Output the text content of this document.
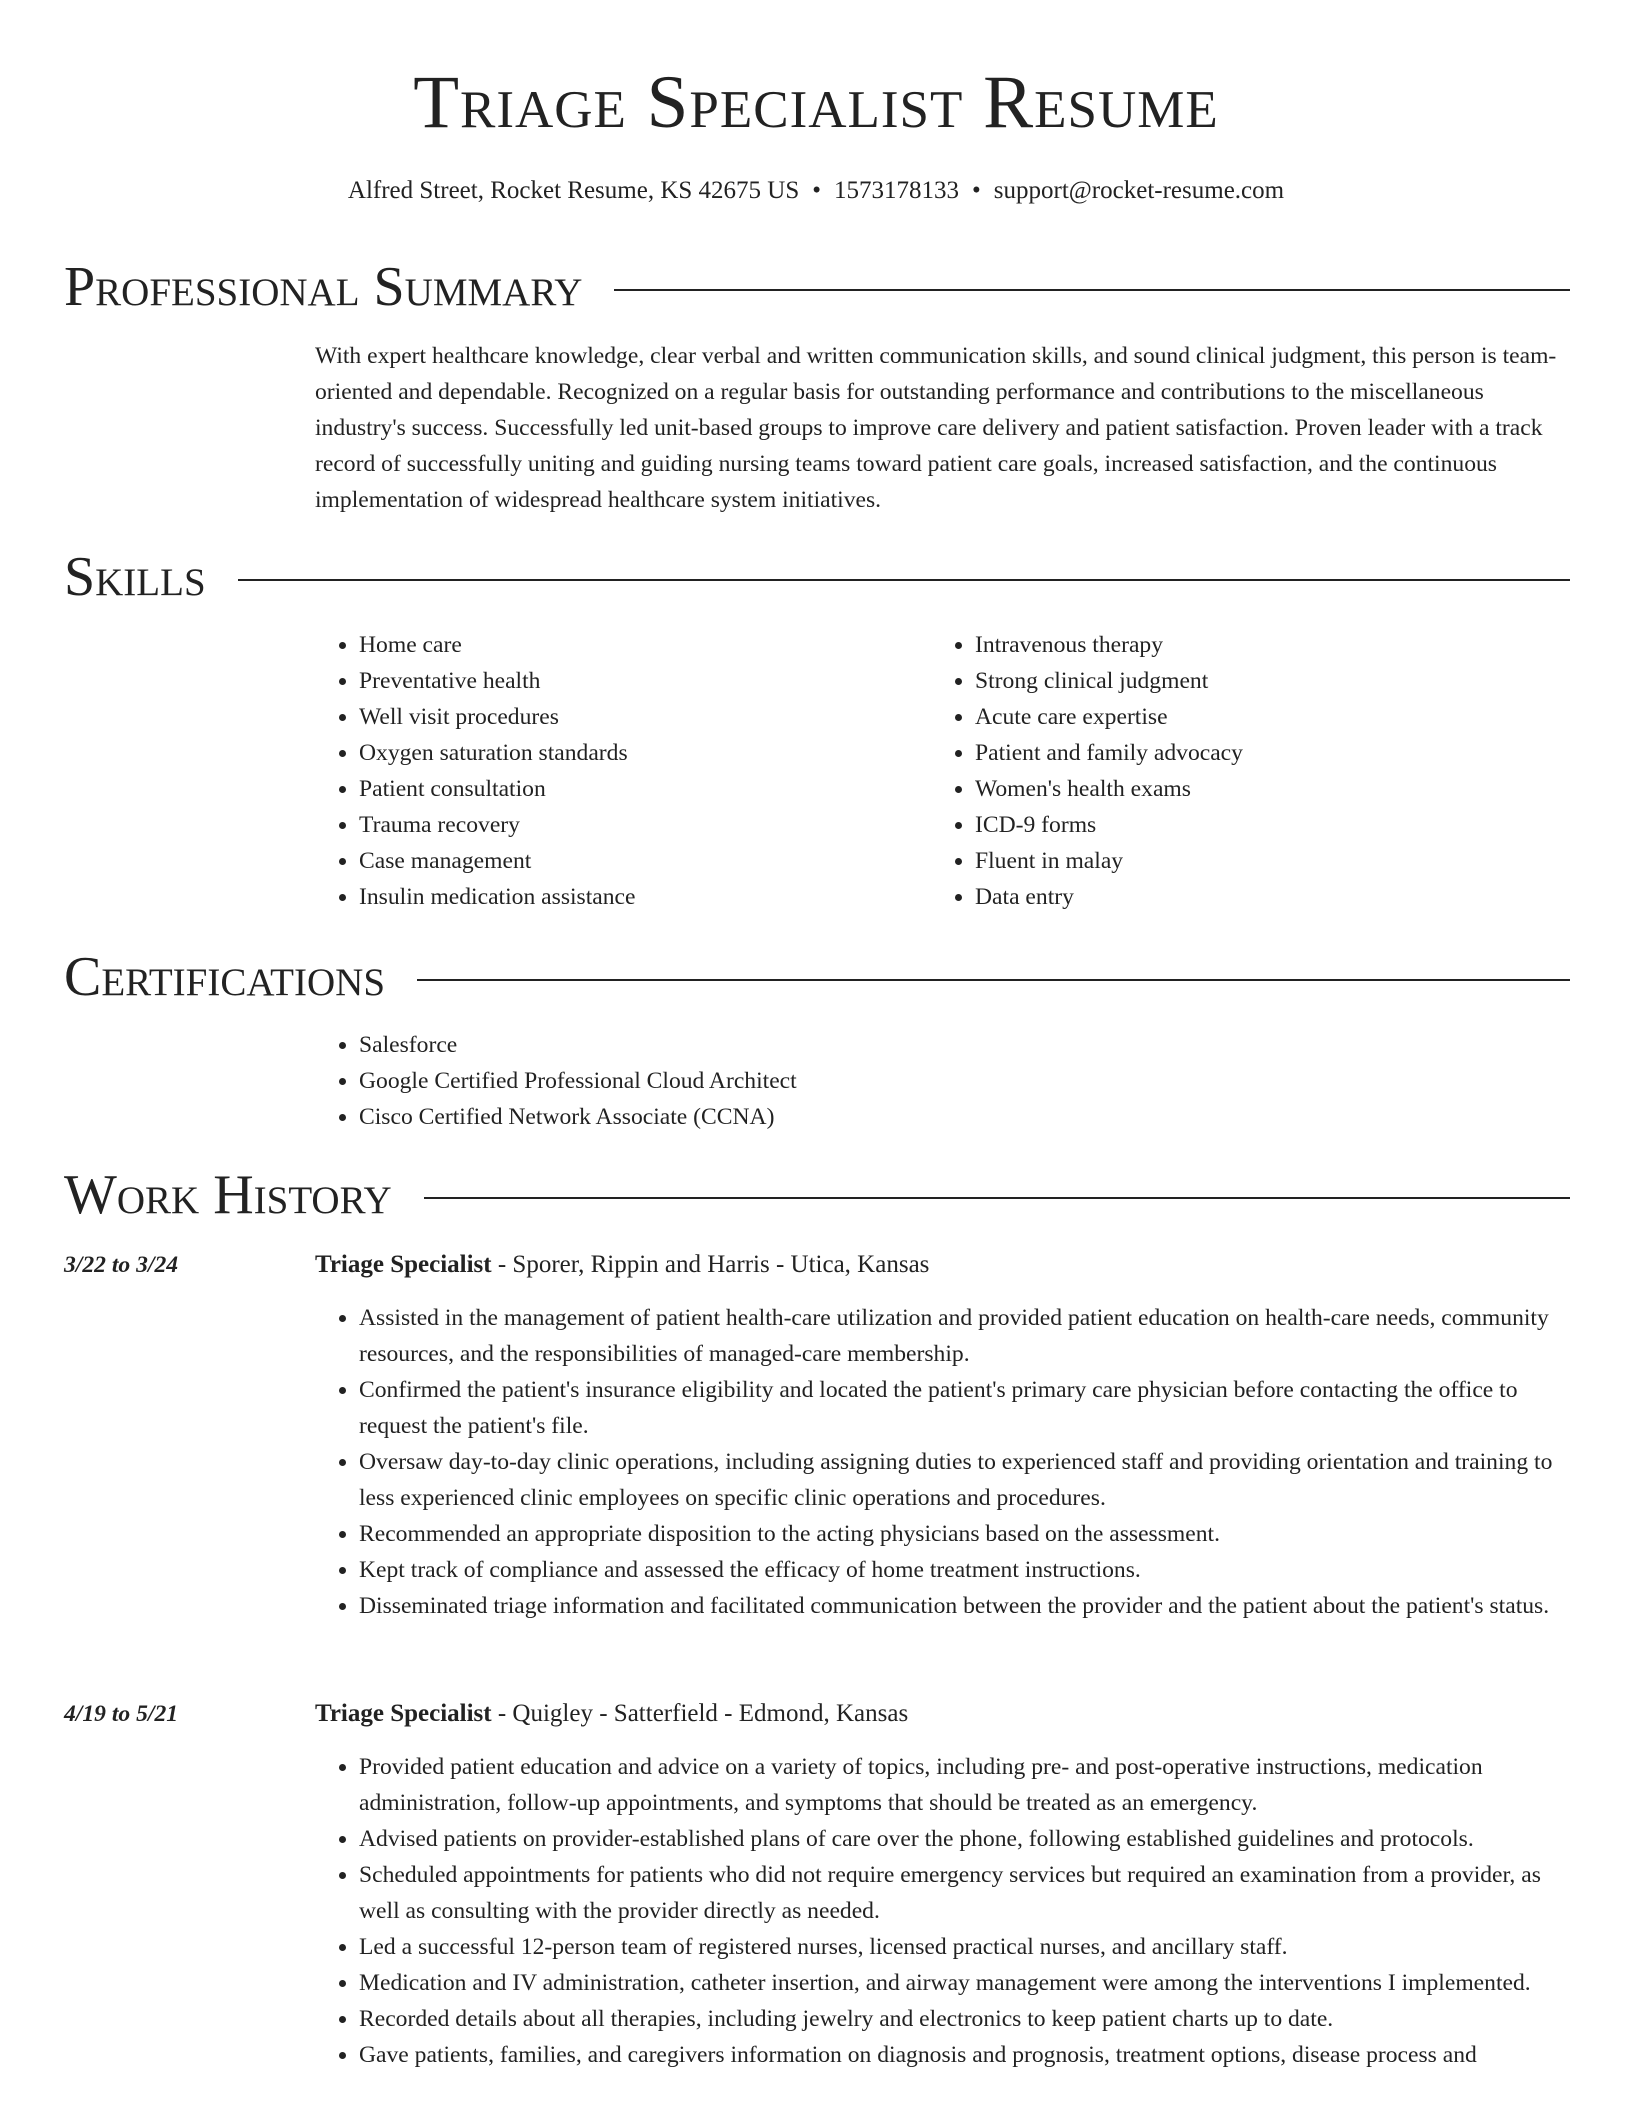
Triage Specialist Resume
Alfred Street, Rocket Resume, KS 42675 US • 1573178133 • support@rocket-resume.com
Professional Summary

With expert healthcare knowledge, clear verbal and written communication skills, and sound clinical judgment, this person is team-oriented and dependable. Recognized on a regular basis for outstanding performance and contributions to the miscellaneous industry's success. Successfully led unit-based groups to improve care delivery and patient satisfaction. Proven leader with a track record of successfully uniting and guiding nursing teams toward patient care goals, increased satisfaction, and the continuous implementation of widespread healthcare system initiatives.

Skills
• Home care
• Preventative health
• Well visit procedures
• Oxygen saturation standards
• Patient consultation
• Trauma recovery
• Case management
• Insulin medication assistance
• Intravenous therapy
• Strong clinical judgment
• Acute care expertise
• Patient and family advocacy
• Women's health exams
• ICD-9 forms
• Fluent in malay
• Data entry
Certifications
• Salesforce
• Google Certified Professional Cloud Architect
• Cisco Certified Network Associate (CCNA)
Work History
3/22 to 3/24	Triage Specialist - Sporer, Rippin and Harris - Utica, Kansas
• Assisted in the management of patient health-care utilization and provided patient education on health-care needs, community resources, and the responsibilities of managed-care membership.
• Confirmed the patient's insurance eligibility and located the patient's primary care physician before contacting the office to request the patient's file.
• Oversaw day-to-day clinic operations, including assigning duties to experienced staff and providing orientation and training to less experienced clinic employees on specific clinic operations and procedures.
• Recommended an appropriate disposition to the acting physicians based on the assessment.
• Kept track of compliance and assessed the efficacy of home treatment instructions.
• Disseminated triage information and facilitated communication between the provider and the patient about the patient's status.
4/19 to 5/21	Triage Specialist - Quigley - Satterfield - Edmond, Kansas
• Provided patient education and advice on a variety of topics, including pre- and post-operative instructions, medication administration, follow-up appointments, and symptoms that should be treated as an emergency.
• Advised patients on provider-established plans of care over the phone, following established guidelines and protocols.
• Scheduled appointments for patients who did not require emergency services but required an examination from a provider, as well as consulting with the provider directly as needed.
• Led a successful 12-person team of registered nurses, licensed practical nurses, and ancillary staff.
• Medication and IV administration, catheter insertion, and airway management were among the interventions I implemented.
• Recorded details about all therapies, including jewelry and electronics to keep patient charts up to date.
• Gave patients, families, and caregivers information on diagnosis and prognosis, treatment options, disease process and
